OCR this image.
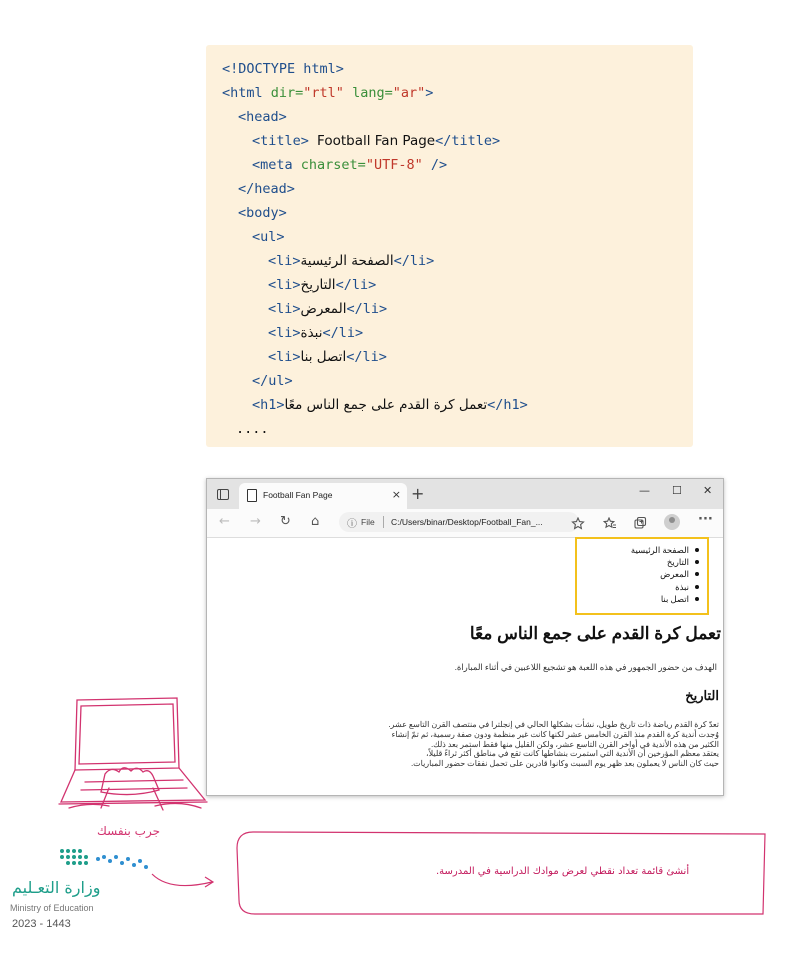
<!DOCTYPE html>
<html dir="rtl" lang="ar">
<head>
<title> Football Fan Page</title>
<meta charset="UTF-8" />
</head>
<body>
<ul>
<li>الصفحة الرئيسية</li>
<li>التاريخ</li>
<li>المعرض</li>
<li>نبذة</li>
<li>اتصل بنا</li>
</ul>
<h1>تعمل كرة القدم على جمع الناس معًا</h1>
....
Football Fan Page	× +	— ☐ ✕
← → ↻ ⌂	ⓘ File C:/Users/binar/Desktop/Football_Fan_...	···
الصفحة الرئيسية
التاريخ
المعرض
نبذة
اتصل بنا
تعمل كرة القدم على جمع الناس معًا

الهدف من حضور الجمهور في هذه اللعبة هو تشجيع اللاعبين في أثناء المباراة.

التاريخ
تعدّ كرة القدم رياضة ذات تاريخ طويل، نشأت بشكلها الحالي في إنجلترا في منتصف القرن التاسع عشر.
وُجدت أندية كرة القدم منذ القرن الخامس عشر لكنها كانت غير منظمة ودون صفة رسمية، ثم تمّ إنشاء
الكثير من هذه الأندية في أواخر القرن التاسع عشر، ولكن القليل منها فقط استمر بعد ذلك.
يعتقد معظم المؤرخين أن الأندية التي استمرت بنشاطها كانت تقع في مناطق أكثر ثراءً قليلاً،
حيث كان الناس لا يعملون بعد ظهر يوم السبت وكانوا قادرين على تحمل نفقات حضور المباريات.
جرب بنفسك
أنشئ قائمة تعداد نقطي لعرض موادك الدراسية في المدرسة.
وزارة التعـليم
Ministry of Education
2023 - 1443
